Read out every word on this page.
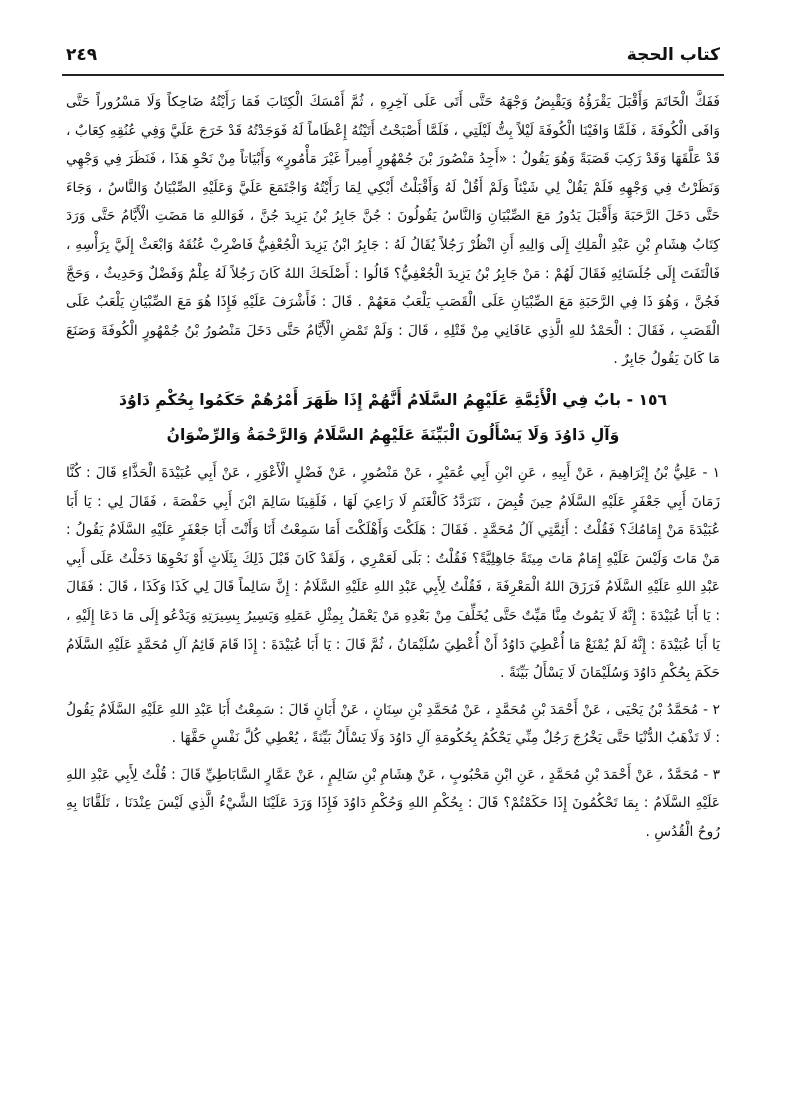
كتاب الحجة
٢٤٩

فَفَكَّ الْخَاتَمَ وَأَقْبَلَ يَقْرَؤُهُ وَيَقْبِضُ وَجْهَهُ حَتَّى أَتَى عَلَى آخِرِهِ ، ثُمَّ أَمْسَكَ الْكِتَابَ فَمَا رَأَيْتُهُ ضَاحِكاً وَلَا مَسْرُوراً حَتَّى وَافَى الْكُوفَةَ ، فَلَمَّا وَافَيْنَا الْكُوفَةَ لَيْلاً بِتُّ لَيْلَتِي ، فَلَمَّا أَصْبَحْتُ أَتَيْتُهُ إِعْظَاماً لَهُ فَوَجَدْتُهُ قَدْ خَرَجَ عَلَيَّ وَفِي عُنُقِهِ كِعَابٌ ، قَدْ عَلَّقَهَا وَقَدْ رَكِبَ قَصَبَةً وَهُوَ يَقُولُ : «أَجِدُ مَنْصُورَ بْنَ جُمْهُورٍ أَمِيراً غَيْرَ مَأْمُورٍ» وَأَبْيَاتاً مِنْ نَحْوِ هَذَا ، فَنَظَرَ فِي وَجْهِي وَنَظَرْتُ فِي وَجْهِهِ فَلَمْ يَقُلْ لِي شَيْئاً وَلَمْ أَقُلْ لَهُ وَأَقْبَلْتُ أَبْكِي لِمَا رَأَيْتُهُ وَاجْتَمَعَ عَلَيَّ وَعَلَيْهِ الصِّبْيَانُ وَالنَّاسُ ، وَجَاءَ حَتَّى دَخَلَ الرَّحَبَةَ وَأَقْبَلَ يَدُورُ مَعَ الصِّبْيَانِ وَالنَّاسُ يَقُولُونَ : جُنَّ جَابِرُ بْنُ يَزِيدَ جُنَّ ، فَوَاللهِ مَا مَضَتِ الْأَيَّامُ حَتَّى وَرَدَ كِتَابُ هِشَامِ بْنِ عَبْدِ الْمَلِكِ إِلَى وَالِيهِ أَنِ انْظُرْ رَجُلاً يُقَالُ لَهُ : جَابِرُ ابْنُ يَزِيدَ الْجُعْفِيُّ فَاضْرِبْ عُنُقَهُ وَابْعَثْ إِلَيَّ بِرَأْسِهِ ، فَالْتَفَتَ إِلَى جُلَسَائِهِ فَقَالَ لَهُمْ : مَنْ جَابِرُ بْنُ يَزِيدَ الْجُعْفِيُّ؟ قَالُوا : أَصْلَحَكَ اللهُ كَانَ رَجُلاً لَهُ عِلْمٌ وَفَضْلٌ وَحَدِيثٌ ، وَحَجَّ فَجُنَّ ، وَهُوَ ذَا فِي الرَّحَبَةِ مَعَ الصِّبْيَانِ عَلَى الْقَصَبِ يَلْعَبُ مَعَهُمْ . قَالَ : فَأَشْرَفَ عَلَيْهِ فَإِذَا هُوَ مَعَ الصِّبْيَانِ يَلْعَبُ عَلَى الْقَصَبِ ، فَقَالَ : الْحَمْدُ للهِ الَّذِي عَافَانِي مِنْ قَتْلِهِ ، قَالَ : وَلَمْ تَمْضِ الْأَيَّامُ حَتَّى دَخَلَ مَنْصُورُ بْنُ جُمْهُورٍ الْكُوفَةَ وَصَنَعَ مَا كَانَ يَقُولُ جَابِرٌ .

١٥٦ - بابٌ فِي الْأَئِمَّةِ عَلَيْهِمُ السَّلَامُ أَنَّهُمْ إِذَا ظَهَرَ أَمْرُهُمْ حَكَمُوا بِحُكْمِ دَاوُدَ
وَآلِ دَاوُدَ وَلَا يَسْأَلُونَ الْبَيِّنَةَ عَلَيْهِمُ السَّلَامُ وَالرَّحْمَةُ وَالرِّضْوَانُ

١ - عَلِيُّ بْنُ إِبْرَاهِيمَ ، عَنْ أَبِيهِ ، عَنِ ابْنِ أَبِي عُمَيْرٍ ، عَنْ مَنْصُورٍ ، عَنْ فَضْلٍ الْأَعْوَرِ ، عَنْ أَبِي عُبَيْدَةَ الْحَذَّاءِ قَالَ : كُنَّا زَمَانَ أَبِي جَعْفَرٍ عَلَيْهِ السَّلَامُ حِينَ قُبِضَ ، نَتَرَدَّدُ كَالْغَنَمِ لَا رَاعِيَ لَهَا ، فَلَقِينَا سَالِمَ ابْنَ أَبِي حَفْصَةَ ، فَقَالَ لِي : يَا أَبَا عُبَيْدَةَ مَنْ إِمَامُكَ؟ فَقُلْتُ : أَئِمَّتِي آلُ مُحَمَّدٍ . فَقَالَ : هَلَكْتَ وَأَهْلَكْتَ أَمَا سَمِعْتُ أَنَا وَأَنْتَ أَبَا جَعْفَرٍ عَلَيْهِ السَّلَامُ يَقُولُ : مَنْ مَاتَ وَلَيْسَ عَلَيْهِ إِمَامٌ مَاتَ مِيتَةً جَاهِلِيَّةً؟ فَقُلْتُ : بَلَى لَعَمْرِي ، وَلَقَدْ كَانَ قَبْلَ ذَلِكَ بِثَلَاثٍ أَوْ نَحْوِهَا دَخَلْتُ عَلَى أَبِي عَبْدِ اللهِ عَلَيْهِ السَّلَامُ فَرَزَقَ اللهُ الْمَعْرِفَةَ ، فَقُلْتُ لِأَبِي عَبْدِ اللهِ عَلَيْهِ السَّلَامُ : إِنَّ سَالِماً قَالَ لِي كَذَا وَكَذَا ، قَالَ : فَقَالَ : يَا أَبَا عُبَيْدَةَ : إِنَّهُ لَا يَمُوتُ مِنَّا مَيِّتٌ حَتَّى يُخَلِّفَ مِنْ بَعْدِهِ مَنْ يَعْمَلُ بِمِثْلِ عَمَلِهِ وَيَسِيرُ بِسِيرَتِهِ وَيَدْعُو إِلَى مَا دَعَا إِلَيْهِ ، يَا أَبَا عُبَيْدَةَ : إِنَّهُ لَمْ يُمْنَعْ مَا أُعْطِيَ دَاوُدُ أَنْ أُعْطِيَ سُلَيْمَانُ ، ثُمَّ قَالَ : يَا أَبَا عُبَيْدَةَ : إِذَا قَامَ قَائِمُ آلِ مُحَمَّدٍ عَلَيْهِ السَّلَامُ حَكَمَ بِحُكْمِ دَاوُدَ وَسُلَيْمَانَ لَا يَسْأَلُ بَيِّنَةً .

٢ - مُحَمَّدُ بْنُ يَحْيَى ، عَنْ أَحْمَدَ بْنِ مُحَمَّدٍ ، عَنْ مُحَمَّدِ بْنِ سِنَانٍ ، عَنْ أَبَانٍ قَالَ : سَمِعْتُ أَبَا عَبْدِ اللهِ عَلَيْهِ السَّلَامُ يَقُولُ : لَا تَذْهَبُ الدُّنْيَا حَتَّى يَخْرُجَ رَجُلٌ مِنِّي يَحْكُمُ بِحُكُومَةِ آلِ دَاوُدَ وَلَا يَسْأَلُ بَيِّنَةً ، يُعْطِي كُلَّ نَفْسٍ حَقَّهَا .

٣ - مُحَمَّدٌ ، عَنْ أَحْمَدَ بْنِ مُحَمَّدٍ ، عَنِ ابْنِ مَحْبُوبٍ ، عَنْ هِشَامِ بْنِ سَالِمٍ ، عَنْ عَمَّارٍ السَّابَاطِيِّ قَالَ : قُلْتُ لِأَبِي عَبْدِ اللهِ عَلَيْهِ السَّلَامُ : بِمَا تَحْكُمُونَ إِذَا حَكَمْتُمْ؟ قَالَ : بِحُكْمِ اللهِ وَحُكْمِ دَاوُدَ فَإِذَا وَرَدَ عَلَيْنَا الشَّيْءُ الَّذِي لَيْسَ عِنْدَنَا ، تَلَقَّانَا بِهِ رُوحُ الْقُدُسِ .
